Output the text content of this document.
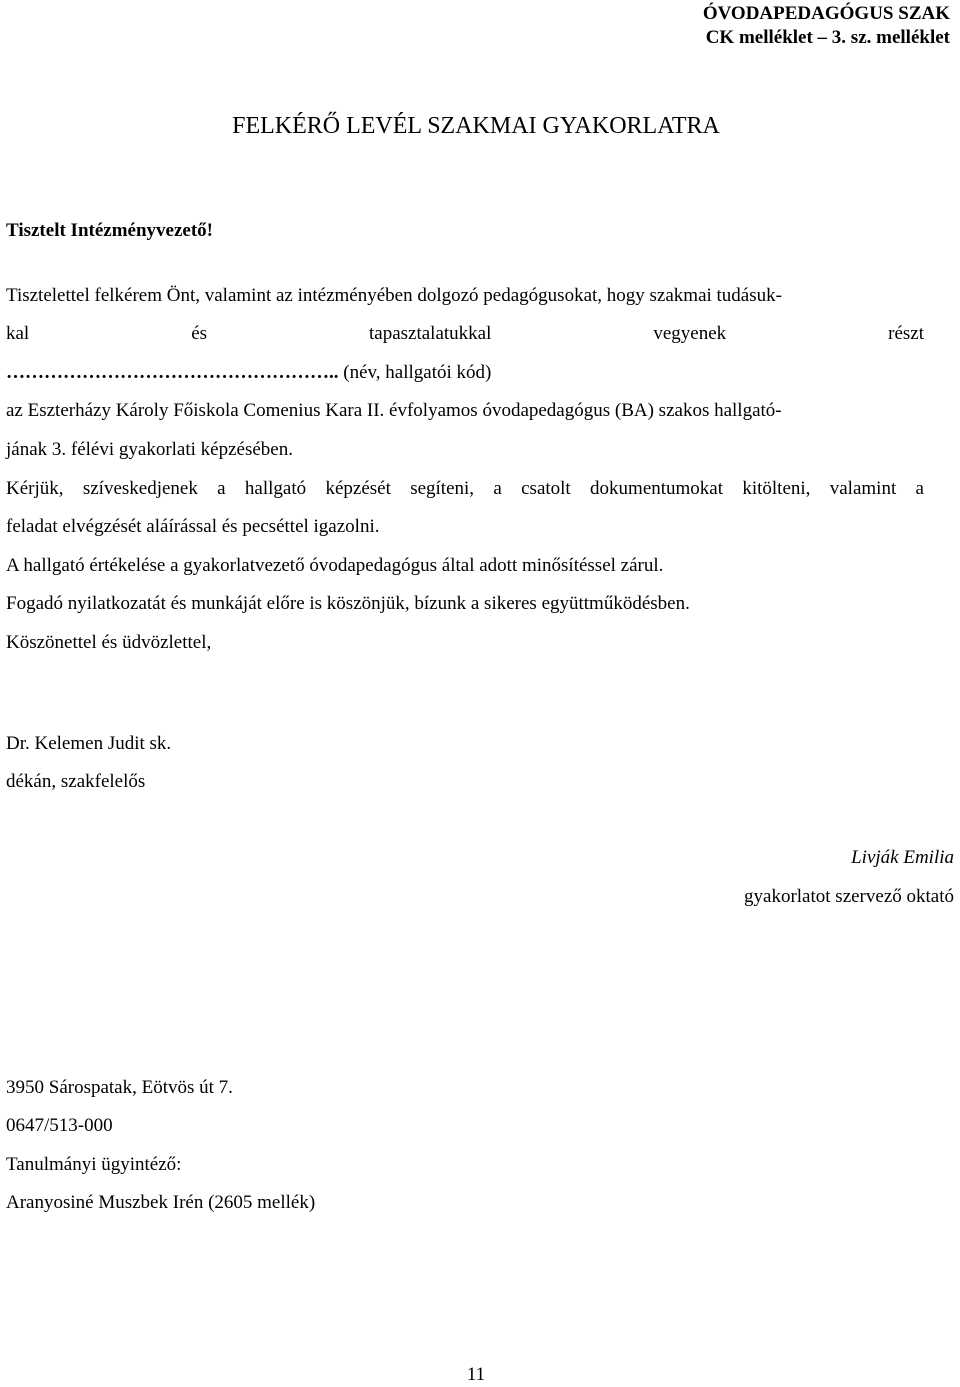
ÓVODAPEDAGÓGUS SZAK
CK melléklet – 3. sz. melléklet
FELKÉRŐ LEVÉL SZAKMAI GYAKORLATRA
Tisztelt Intézményvezető!
Tisztelettel felkérem Önt, valamint az intézményében dolgozó pedagógusokat, hogy szakmai tudásuk-
kal	és	tapasztalatukkal	vegyenek	részt
…………………………………………….. (név, hallgatói kód)
az Eszterházy Károly Főiskola Comenius Kara II. évfolyamos óvodapedagógus (BA) szakos hallgató-
jának 3. félévi gyakorlati képzésében.
Kérjük, szíveskedjenek a hallgató képzését segíteni, a csatolt dokumentumokat kitölteni, valamint a
feladat elvégzését aláírással és pecséttel igazolni.
A hallgató értékelése a gyakorlatvezető óvodapedagógus által adott minősítéssel zárul.
Fogadó nyilatkozatát és munkáját előre is köszönjük, bízunk a sikeres együttműködésben.
Köszönettel és üdvözlettel,
Dr. Kelemen Judit sk.
dékán, szakfelelős
Livják Emilia
gyakorlatot szervező oktató
3950 Sárospatak, Eötvös út 7.
0647/513-000
Tanulmányi ügyintéző:
Aranyosiné Muszbek Irén (2605 mellék)
11
